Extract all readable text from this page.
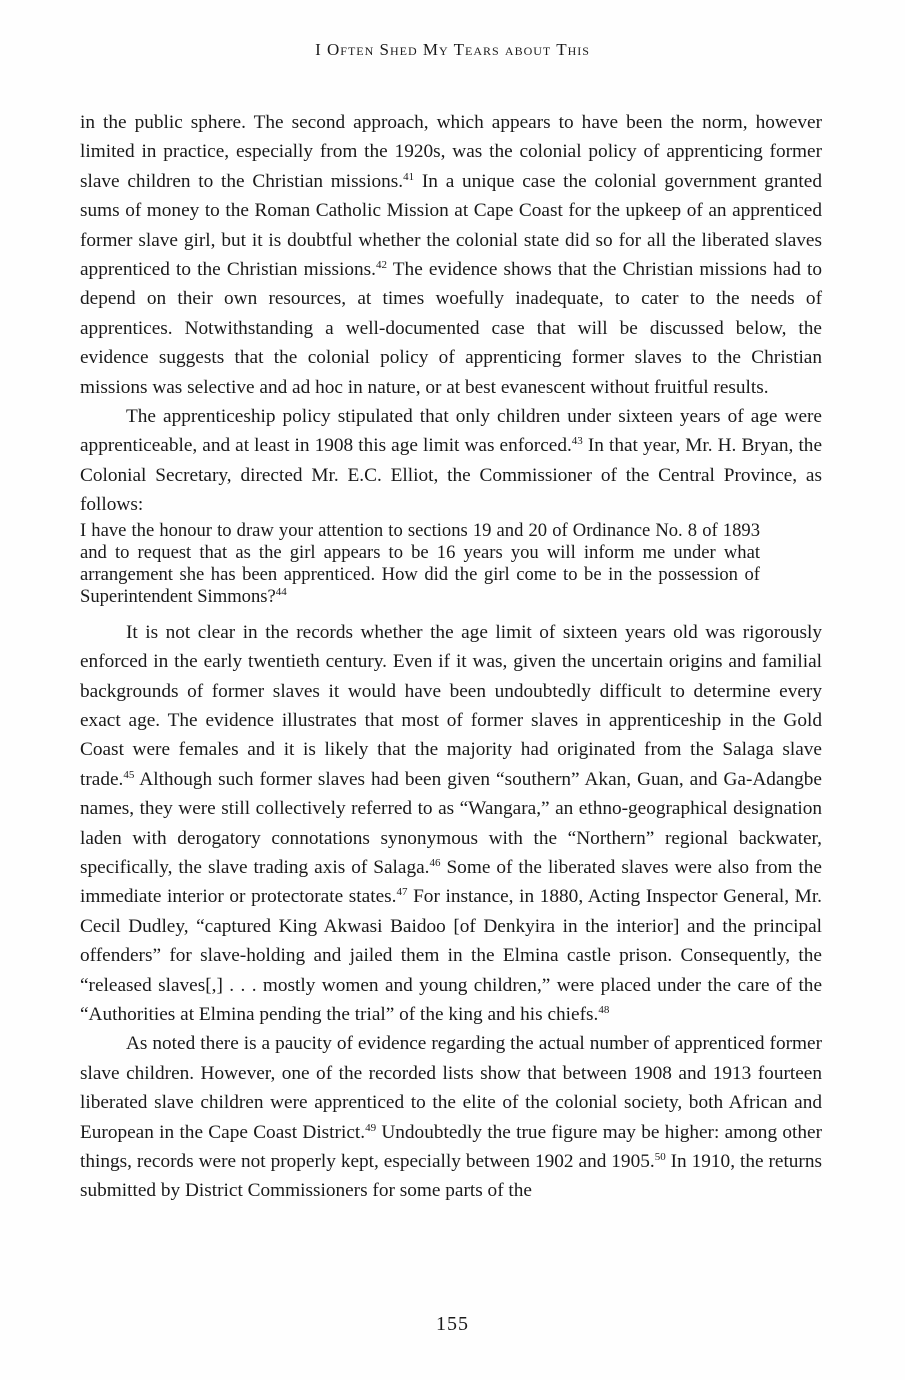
I Often Shed My Tears about This

in the public sphere. The second approach, which appears to have been the norm, however limited in practice, especially from the 1920s, was the colonial policy of apprenticing former slave children to the Christian missions.$^{41}$ In a unique case the colonial government granted sums of money to the Roman Catholic Mission at Cape Coast for the upkeep of an apprenticed former slave girl, but it is doubtful whether the colonial state did so for all the liberated slaves apprenticed to the Christian missions.$^{42}$ The evidence shows that the Christian missions had to depend on their own resources, at times woefully inadequate, to cater to the needs of apprentices. Notwithstanding a well-documented case that will be discussed below, the evidence suggests that the colonial policy of apprenticing former slaves to the Christian missions was selective and ad hoc in nature, or at best evanescent without fruitful results.

The apprenticeship policy stipulated that only children under sixteen years of age were apprenticeable, and at least in 1908 this age limit was enforced.$^{43}$ In that year, Mr. H. Bryan, the Colonial Secretary, directed Mr. E.C. Elliot, the Commissioner of the Central Province, as follows:

I have the honour to draw your attention to sections 19 and 20 of Ordinance No. 8 of 1893 and to request that as the girl appears to be 16 years you will inform me under what arrangement she has been apprenticed. How did the girl come to be in the possession of Superintendent Simmons?$^{44}$

It is not clear in the records whether the age limit of sixteen years old was rigorously enforced in the early twentieth century. Even if it was, given the uncertain origins and familial backgrounds of former slaves it would have been undoubtedly difficult to determine every exact age. The evidence illustrates that most of former slaves in apprenticeship in the Gold Coast were females and it is likely that the majority had originated from the Salaga slave trade.$^{45}$ Although such former slaves had been given “southern” Akan, Guan, and Ga-Adangbe names, they were still collectively referred to as “Wangara,” an ethno-geographical designation laden with derogatory connotations synonymous with the “Northern” regional backwater, specifically, the slave trading axis of Salaga.$^{46}$ Some of the liberated slaves were also from the immediate interior or protectorate states.$^{47}$ For instance, in 1880, Acting Inspector General, Mr. Cecil Dudley, “captured King Akwasi Baidoo [of Denkyira in the interior] and the principal offenders” for slave-holding and jailed them in the Elmina castle prison. Consequently, the “released slaves[,] . . . mostly women and young children,” were placed under the care of the “Authorities at Elmina pending the trial” of the king and his chiefs.$^{48}$

As noted there is a paucity of evidence regarding the actual number of apprenticed former slave children. However, one of the recorded lists show that between 1908 and 1913 fourteen liberated slave children were apprenticed to the elite of the colonial society, both African and European in the Cape Coast District.$^{49}$ Undoubtedly the true figure may be higher: among other things, records were not properly kept, especially between 1902 and 1905.50 In 1910, the returns submitted by District Commissioners for some parts of the

155
